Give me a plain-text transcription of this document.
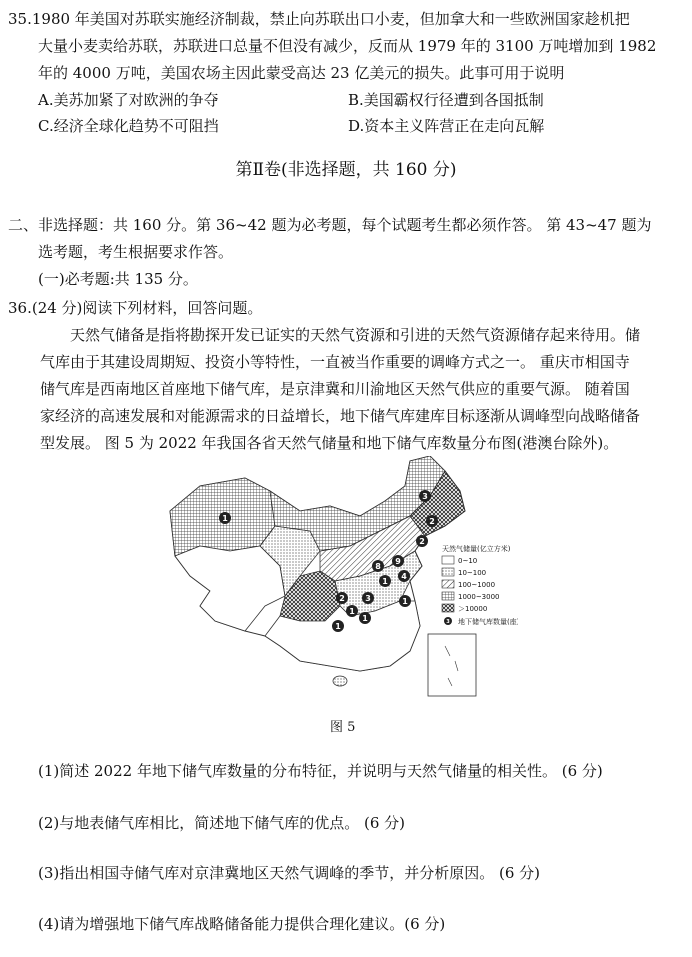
35.1980 年美国对苏联实施经济制裁，禁止向苏联出口小麦，但加拿大和一些欧洲国家趁机把
大量小麦卖给苏联，苏联进口总量不但没有减少，反而从 1979 年的 3100 万吨增加到 1982
年的 4000 万吨，美国农场主因此蒙受高达 23 亿美元的损失。此事可用于说明
A.美苏加紧了对欧洲的争夺	B.美国霸权行径遭到各国抵制
C.经济全球化趋势不可阻挡	D.资本主义阵营正在走向瓦解
第Ⅱ卷(非选择题，共 160 分)
二、非选择题：共 160 分。第 36~42 题为必考题，每个试题考生都必须作答。 第 43~47 题为
选考题，考生根据要求作答。
(一)必考题:共 135 分。
36.(24 分)阅读下列材料，回答问题。
天然气储备是指将勘探开发已证实的天然气资源和引进的天然气资源储存起来待用。储
气库由于其建设周期短、投资小等特性，一直被当作重要的调峰方式之一。 重庆市相国寺
储气库是西南地区首座地下储气库，是京津冀和川渝地区天然气供应的重要气源。 随着国
家经济的高速发展和对能源需求的日益增长，地下储气库建库目标逐渐从调峰型向战略储备
型发展。 图 5 为 2022 年我国各省天然气储量和地下储气库数量分布图(港澳台除外)。
1
3
2
2
8
9
2	3
1
1
1
1
4
1
天然气储量(亿立方米)
0~10
10~100
100~1000
1000~3000
＞10000
3 地下储气库数量(座)
图 5
(1)简述 2022 年地下储气库数量的分布特征，并说明与天然气储量的相关性。 (6 分)
(2)与地表储气库相比，简述地下储气库的优点。 (6 分)
(3)指出相国寺储气库对京津冀地区天然气调峰的季节，并分析原因。 (6 分)
(4)请为增强地下储气库战略储备能力提供合理化建议。(6 分)
